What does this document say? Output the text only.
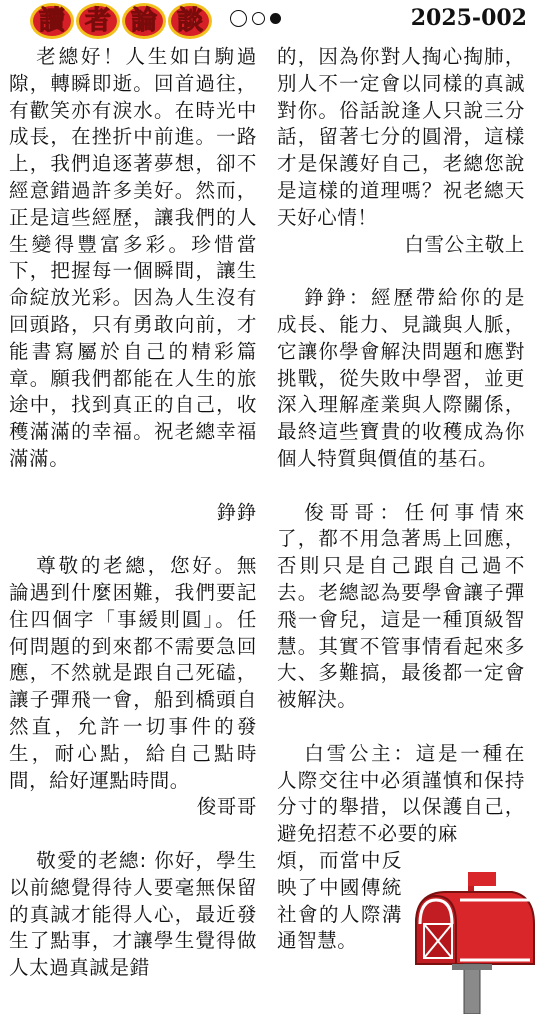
讀 者 論 談	2025-002

老總好！人生如白駒過隙，轉瞬即逝。回首過往，有歡笑亦有淚水。在時光中成長，在挫折中前進。一路上，我們追逐著夢想，卻不經意錯過許多美好。然而，正是這些經歷，讓我們的人生變得豐富多彩。珍惜當下，把握每一個瞬間，讓生命綻放光彩。因為人生沒有回頭路，只有勇敢向前，才能書寫屬於自己的精彩篇章。願我們都能在人生的旅途中，找到真正的自己，收穫滿滿的幸福。祝老總幸福滿滿。

錚錚

尊敬的老總，您好。無論遇到什麼困難，我們要記住四個字「事緩則圓」。任何問題的到來都不需要急回應，不然就是跟自己死磕，讓子彈飛一會，船到橋頭自然直，允許一切事件的發生，耐心點，給自己點時間，給好運點時間。

俊哥哥

敬愛的老總: 你好，學生以前總覺得待人要毫無保留的真誠才能得人心，最近發生了點事，才讓學生覺得做人太過真誠是錯

的，因為你對人掏心掏肺，別人不一定會以同樣的真誠對你。俗話說逢人只說三分話，留著七分的圓滑，這樣才是保護好自己，老總您說是這樣的道理嗎？祝老總天天好心情！

白雪公主敬上

錚錚：經歷帶給你的是成長、能力、見識與人脈，它讓你學會解決問題和應對挑戰，從失敗中學習，並更深入理解產業與人際關係，最終這些寶貴的收穫成為你個人特質與價值的基石。

俊哥哥：任何事情來了，都不用急著馬上回應，否則只是自己跟自己過不去。老總認為要學會讓子彈飛一會兒，這是一種頂級智慧。其實不管事情看起來多大、多難搞，最後都一定會被解決。

白雪公主：這是一種在人際交往中必須謹慎和保持分寸的舉措，以保護自己，避免招惹不必要的麻

煩，而當中反映了中國傳統社會的人際溝通智慧。
